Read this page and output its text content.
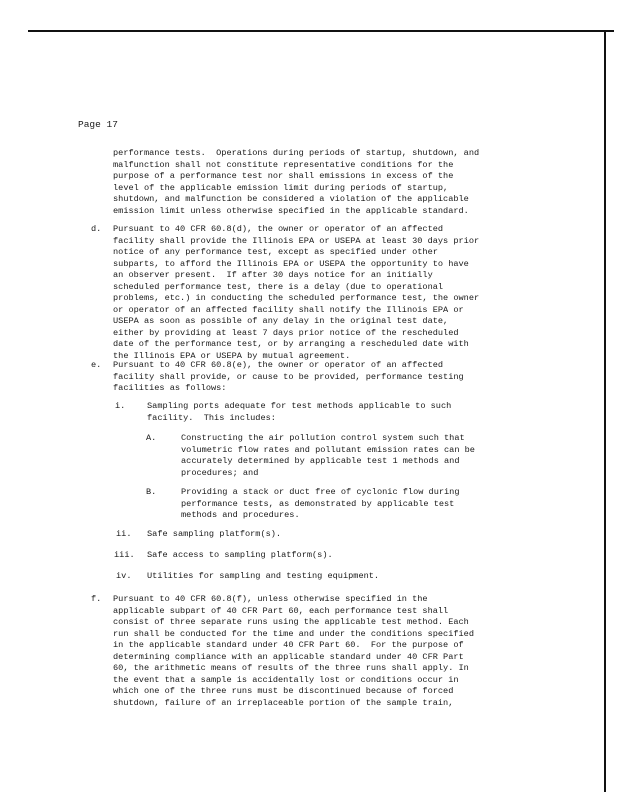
Page 17

performance tests.  Operations during periods of startup, shutdown, and
malfunction shall not constitute representative conditions for the
purpose of a performance test nor shall emissions in excess of the
level of the applicable emission limit during periods of startup,
shutdown, and malfunction be considered a violation of the applicable
emission limit unless otherwise specified in the applicable standard.

d. Pursuant to 40 CFR 60.8(d), the owner or operator of an affected
facility shall provide the Illinois EPA or USEPA at least 30 days prior
notice of any performance test, except as specified under other
subparts, to afford the Illinois EPA or USEPA the opportunity to have
an observer present.  If after 30 days notice for an initially
scheduled performance test, there is a delay (due to operational
problems, etc.) in conducting the scheduled performance test, the owner
or operator of an affected facility shall notify the Illinois EPA or
USEPA as soon as possible of any delay in the original test date,
either by providing at least 7 days prior notice of the rescheduled
date of the performance test, or by arranging a rescheduled date with
the Illinois EPA or USEPA by mutual agreement.

e. Pursuant to 40 CFR 60.8(e), the owner or operator of an affected
facility shall provide, or cause to be provided, performance testing
facilities as follows:

i.	Sampling ports adequate for test methods applicable to such
facility.  This includes:

A.	Constructing the air pollution control system such that
volumetric flow rates and pollutant emission rates can be
accurately determined by applicable test 1 methods and
procedures; and

B.	Providing a stack or duct free of cyclonic flow during
performance tests, as demonstrated by applicable test
methods and procedures.

ii. Safe sampling platform(s).

iii. Safe access to sampling platform(s).

iv. Utilities for sampling and testing equipment.

f. Pursuant to 40 CFR 60.8(f), unless otherwise specified in the
applicable subpart of 40 CFR Part 60, each performance test shall
consist of three separate runs using the applicable test method. Each
run shall be conducted for the time and under the conditions specified
in the applicable standard under 40 CFR Part 60.  For the purpose of
determining compliance with an applicable standard under 40 CFR Part
60, the arithmetic means of results of the three runs shall apply. In
the event that a sample is accidentally lost or conditions occur in
which one of the three runs must be discontinued because of forced
shutdown, failure of an irreplaceable portion of the sample train,
